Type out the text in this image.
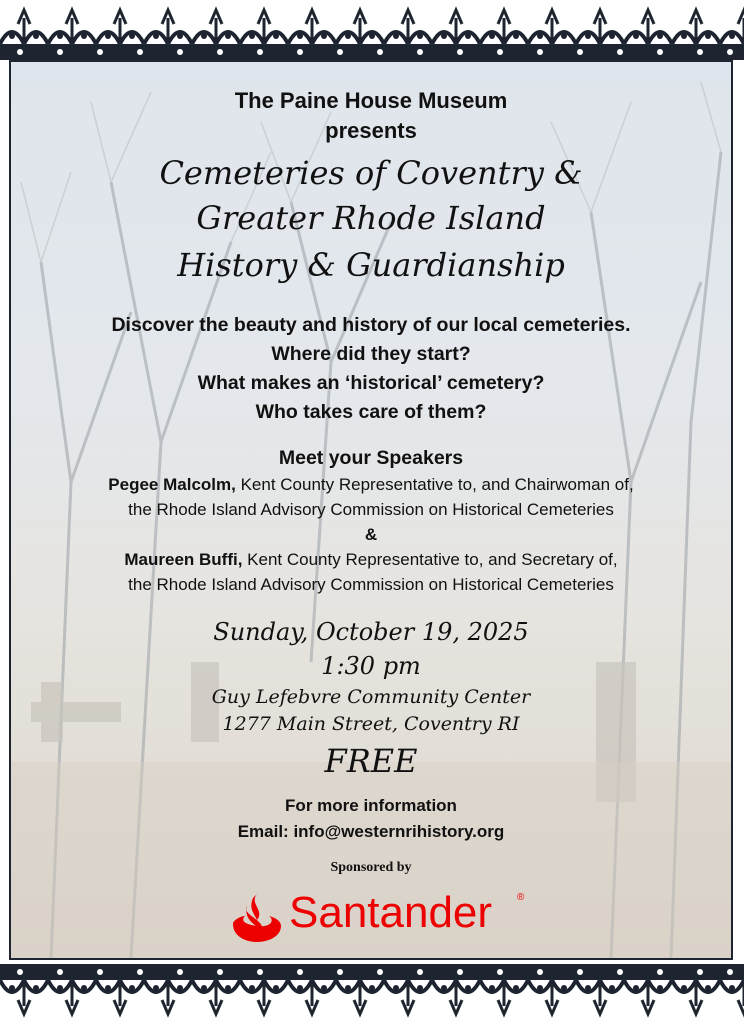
The Paine House Museum
presents
Cemeteries of Coventry &
Greater Rhode Island
History & Guardianship
Discover the beauty and history of our local cemeteries.
Where did they start?
What makes an ‘historical’ cemetery?
Who takes care of them?
Meet your Speakers
Pegee Malcolm, Kent County Representative to, and Chairwoman of,
the Rhode Island Advisory Commission on Historical Cemeteries
&
Maureen Buffi, Kent County Representative to, and Secretary of,
the Rhode Island Advisory Commission on Historical Cemeteries
Sunday, October 19, 2025
1:30 pm
Guy Lefebvre Community Center
1277 Main Street, Coventry RI
FREE
For more information
Email: info@westernrihistory.org
Sponsored by
Santander ®
